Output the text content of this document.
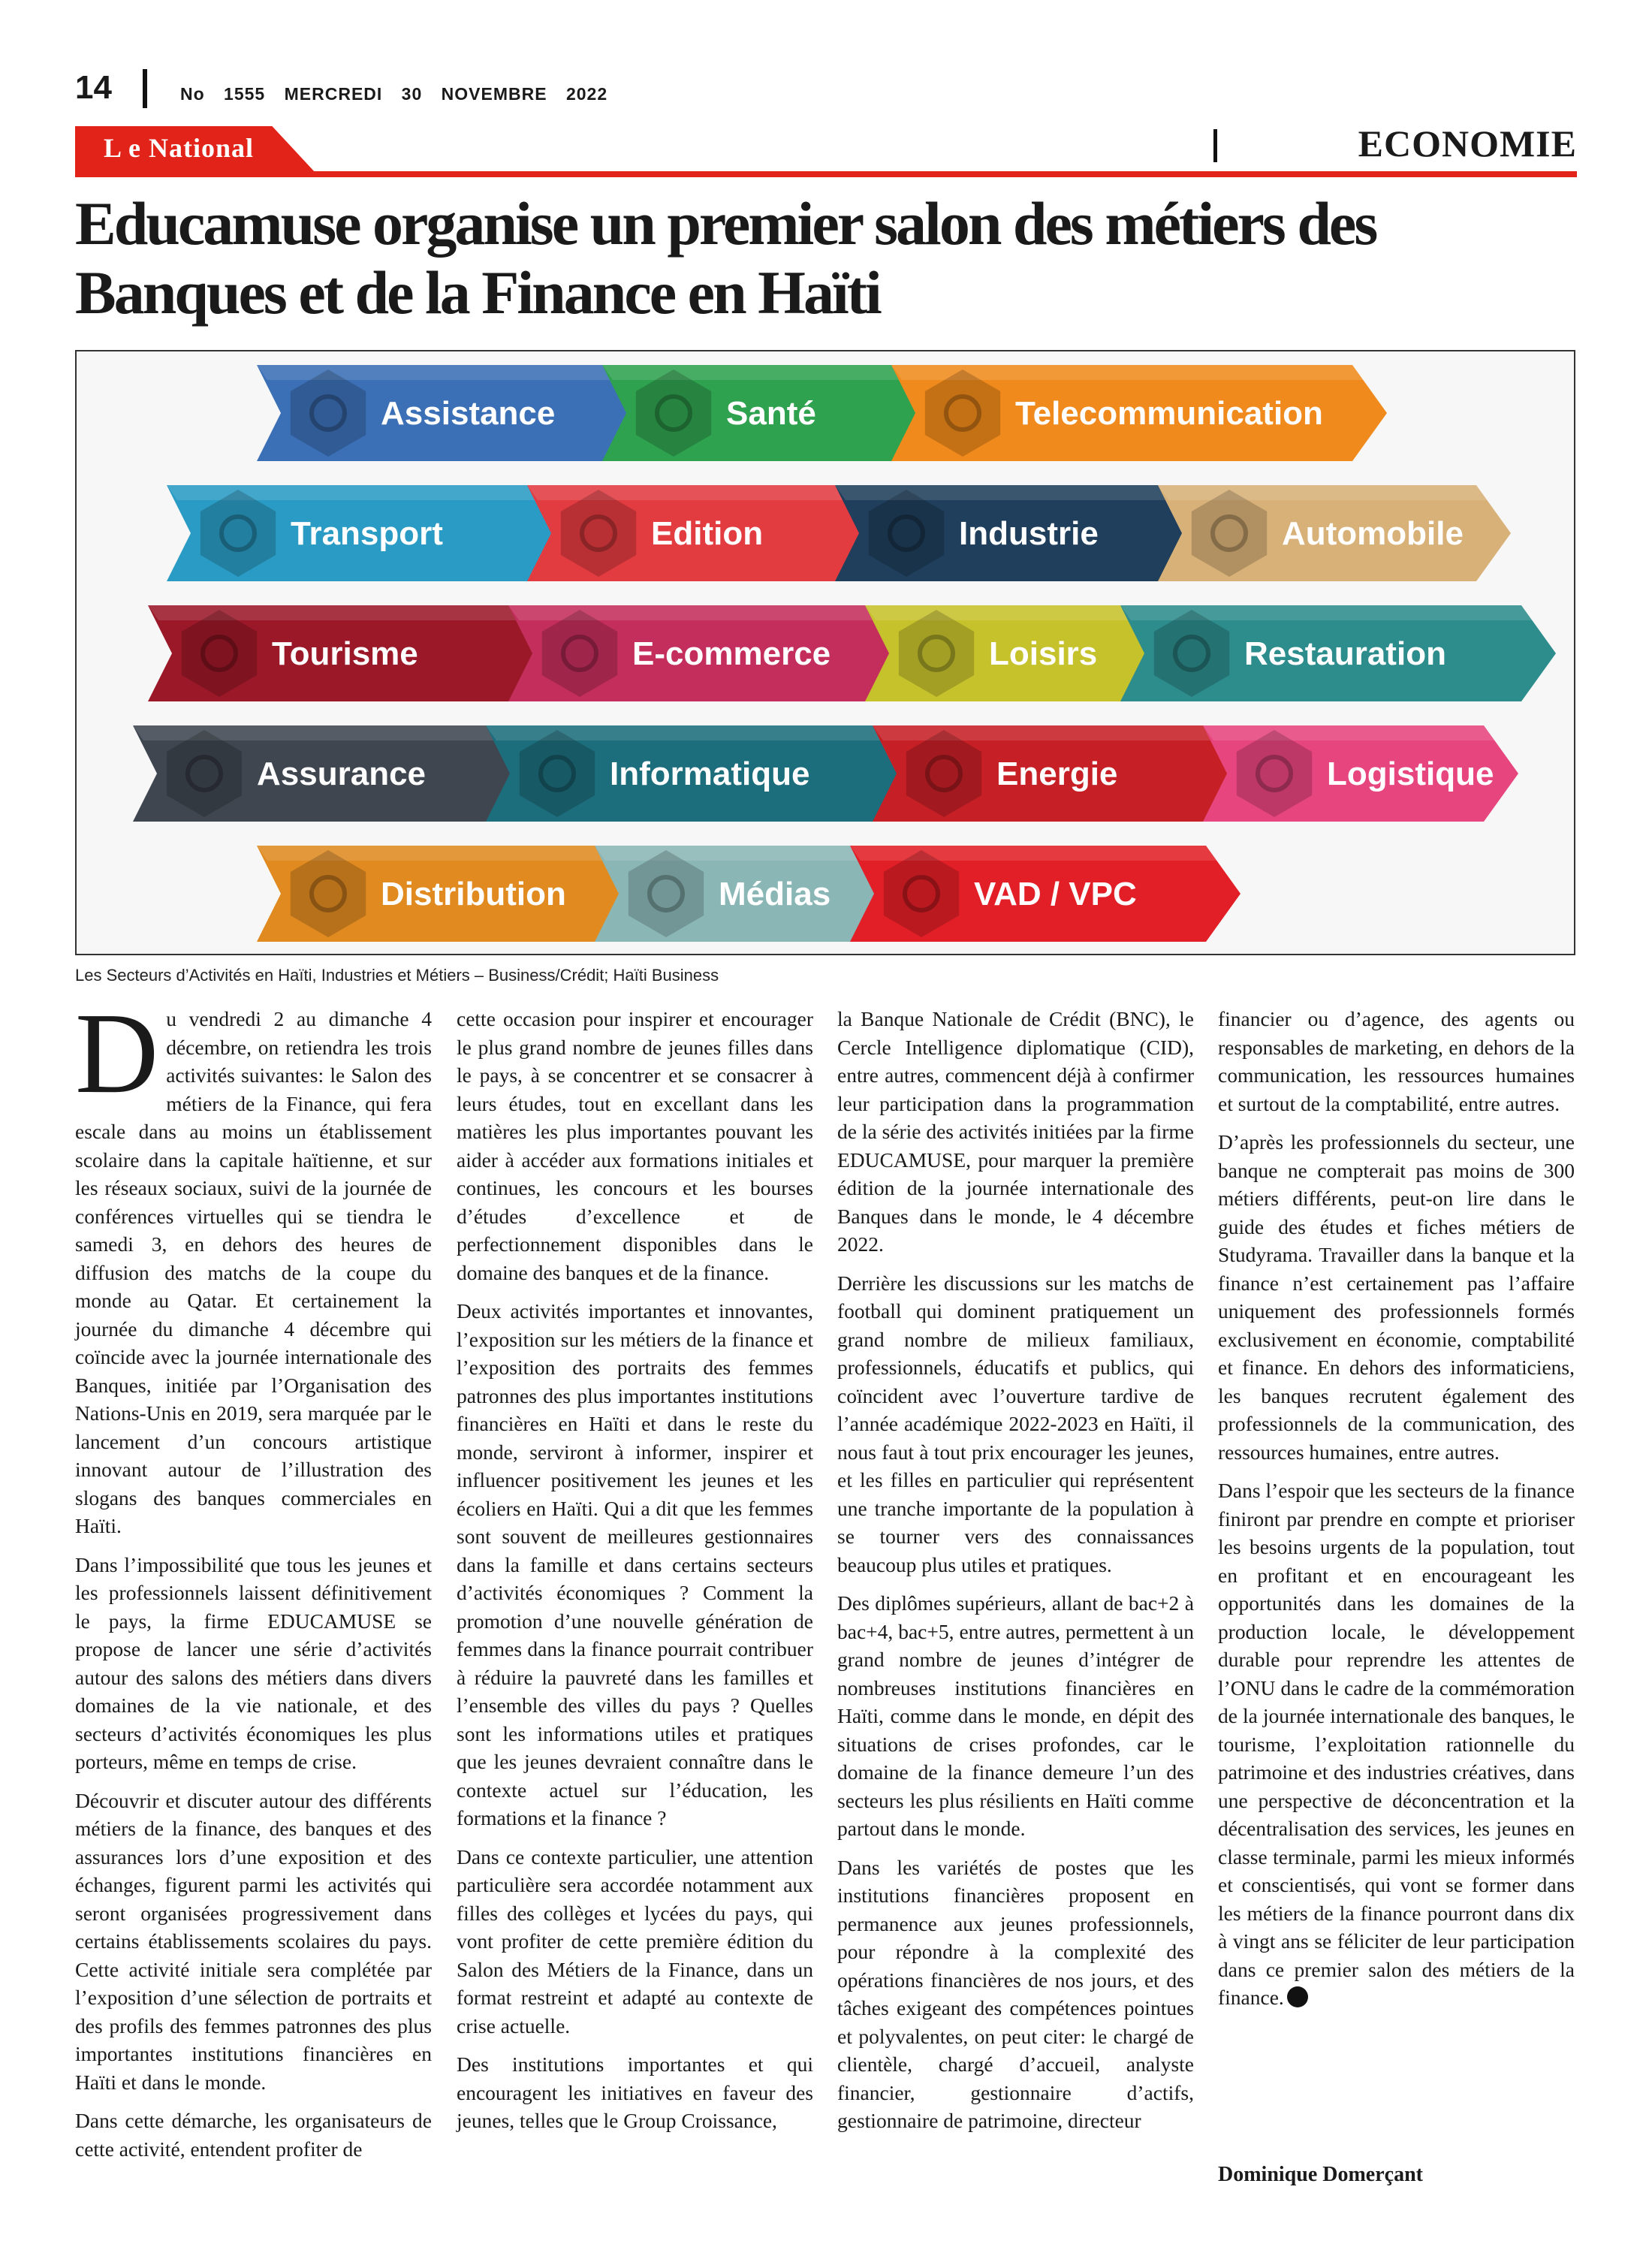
14	No 1555 MERCREDI 30 NOVEMBRE 2022
L e National	ECONOMIE
Educamuse organise un premier salon des métiers des Banques et de la Finance en Haïti
Assistance	Santé	Telecommunication
Transport	Edition	Industrie	Automobile
Tourisme	E-commerce	Loisirs	Restauration
Assurance	Informatique	Energie	Logistique
Distribution	Médias	VAD / VPC
Les Secteurs d’Activités en Haïti, Industries et Métiers – Business/Crédit; Haïti Business

Du vendredi 2 au dimanche 4 décembre, on retiendra les trois activités suivantes: le Salon des métiers de la Finance, qui fera escale dans au moins un établissement scolaire dans la capitale haïtienne, et sur les réseaux sociaux, suivi de la journée de conférences virtuelles qui se tiendra le samedi 3, en dehors des heures de diffusion des matchs de la coupe du monde au Qatar. Et certainement la journée du dimanche 4 décembre qui coïncide avec la journée internationale des Banques, initiée par l’Organisation des Nations-Unis en 2019, sera marquée par le lancement d’un concours artistique innovant autour de l’illustration des slogans des banques commerciales en Haïti.

Dans l’impossibilité que tous les jeunes et les professionnels laissent définitivement le pays, la firme EDUCAMUSE se propose de lancer une série d’activités autour des salons des métiers dans divers domaines de la vie nationale, et des secteurs d’activités économiques les plus porteurs, même en temps de crise.

Découvrir et discuter autour des différents métiers de la finance, des banques et des assurances lors d’une exposition et des échanges, figurent parmi les activités qui seront organisées progressivement dans certains établissements scolaires du pays. Cette activité initiale sera complétée par l’exposition d’une sélection de portraits et des profils des femmes patronnes des plus importantes institutions financières en Haïti et dans le monde.

Dans cette démarche, les organisateurs de cette activité, entendent profiter de

cette occasion pour inspirer et encourager le plus grand nombre de jeunes filles dans le pays, à se concentrer et se consacrer à leurs études, tout en excellant dans les matières les plus importantes pouvant les aider à accéder aux formations initiales et continues, les concours et les bourses d’études d’excellence et de perfectionnement disponibles dans le domaine des banques et de la finance.

Deux activités importantes et innovantes, l’exposition sur les métiers de la finance et l’exposition des portraits des femmes patronnes des plus importantes institutions financières en Haïti et dans le reste du monde, serviront à informer, inspirer et influencer positivement les jeunes et les écoliers en Haïti. Qui a dit que les femmes sont souvent de meilleures gestionnaires dans la famille et dans certains secteurs d’activités économiques ? Comment la promotion d’une nouvelle génération de femmes dans la finance pourrait contribuer à réduire la pauvreté dans les familles et l’ensemble des villes du pays ? Quelles sont les informations utiles et pratiques que les jeunes devraient connaître dans le contexte actuel sur l’éducation, les formations et la finance ?

Dans ce contexte particulier, une attention particulière sera accordée notamment aux filles des collèges et lycées du pays, qui vont profiter de cette première édition du Salon des Métiers de la Finance, dans un format restreint et adapté au contexte de crise actuelle.

Des institutions importantes et qui encouragent les initiatives en faveur des jeunes, telles que le Group Croissance,

la Banque Nationale de Crédit (BNC), le Cercle Intelligence diplomatique (CID), entre autres, commencent déjà à confirmer leur participation dans la programmation de la série des activités initiées par la firme EDUCAMUSE, pour marquer la première édition de la journée internationale des Banques dans le monde, le 4 décembre 2022.

Derrière les discussions sur les matchs de football qui dominent pratiquement un grand nombre de milieux familiaux, professionnels, éducatifs et publics, qui coïncident avec l’ouverture tardive de l’année académique 2022-2023 en Haïti, il nous faut à tout prix encourager les jeunes, et les filles en particulier qui représentent une tranche importante de la population à se tourner vers des connaissances beaucoup plus utiles et pratiques.

Des diplômes supérieurs, allant de bac+2 à bac+4, bac+5, entre autres, permettent à un grand nombre de jeunes d’intégrer de nombreuses institutions financières en Haïti, comme dans le monde, en dépit des situations de crises profondes, car le domaine de la finance demeure l’un des secteurs les plus résilients en Haïti comme partout dans le monde.

Dans les variétés de postes que les institutions financières proposent en permanence aux jeunes professionnels, pour répondre à la complexité des opérations financières de nos jours, et des tâches exigeant des compétences pointues et polyvalentes, on peut citer: le chargé de clientèle, chargé d’accueil, analyste financier, gestionnaire d’actifs, gestionnaire de patrimoine, directeur

financier ou d’agence, des agents ou responsables de marketing, en dehors de la communication, les ressources humaines et surtout de la comptabilité, entre autres.

D’après les professionnels du secteur, une banque ne compterait pas moins de 300 métiers différents, peut-on lire dans le guide des études et fiches métiers de Studyrama. Travailler dans la banque et la finance n’est certainement pas l’affaire uniquement des professionnels formés exclusivement en économie, comptabilité et finance. En dehors des informaticiens, les banques recrutent également des professionnels de la communication, des ressources humaines, entre autres.

Dans l’espoir que les secteurs de la finance finiront par prendre en compte et prioriser les besoins urgents de la population, tout en profitant et en encourageant les opportunités dans les domaines de la production locale, le développement durable pour reprendre les attentes de l’ONU dans le cadre de la commémoration de la journée internationale des banques, le tourisme, l’exploitation rationnelle du patrimoine et des industries créatives, dans une perspective de déconcentration et la décentralisation des services, les jeunes en classe terminale, parmi les mieux informés et conscientisés, qui vont se former dans les métiers de la finance pourront dans dix à vingt ans se féliciter de leur participation dans ce premier salon des métiers de la finance.

Dominique Domerçant
